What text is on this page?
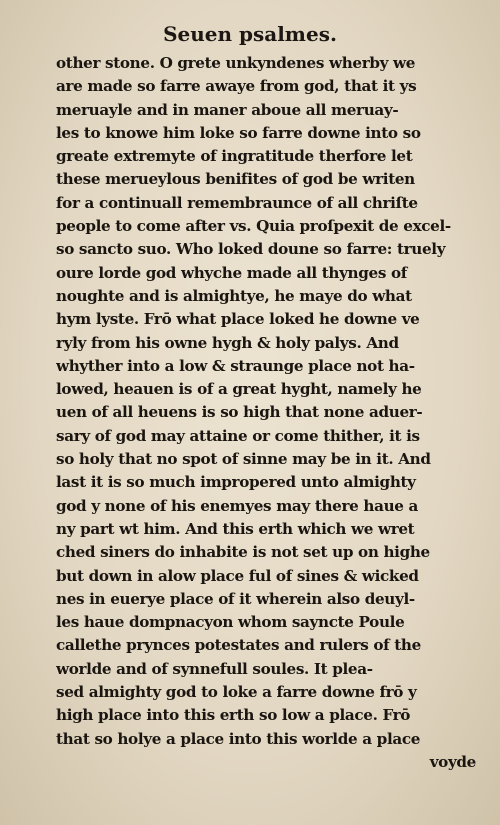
Seuen psalmes.
other stone. O grete unkyndenes wherby we
are made so farre awaye from god, that it ys
meruayle and in maner aboue all meruay-
les to knowe him loke so farre downe into so
greate extremyte of ingratitude therfore let
these merueylous benifites of god be writen
for a continuall remembraunce of all chriſte
people to come after vs. Quia proſpexit de excel-
so sancto suo. Who loked doune so farre: truely
oure lorde god whyche made all thynges of
noughte and is almightye, he maye do what
hym lyste. Frō what place loked he downe ve
ryly from his owne hygh & holy palys. And
whyther into a low & straunge place not ha-
lowed, heauen is of a great hyght, namely he
uen of all heuens is so high that none aduer-
sary of god may attaine or come thither, it is
so holy that no spot of sinne may be in it. And
last it is so much impropered unto almighty
god y none of his enemyes may there haue a
ny part wt him. And this erth which we wret
ched siners do inhabite is not set up on highe
but down in alow place ful of sines & wicked
nes in euerye place of it wherein also deuyl-
les haue dompnacyon whom sayncte Poule
callethe prynces potestates and rulers of the
worlde and of synnefull soules. It plea-
sed almighty god to loke a farre downe frō y
high place into this erth so low a place. Frō
that so holye a place into this worlde a place
voyde
